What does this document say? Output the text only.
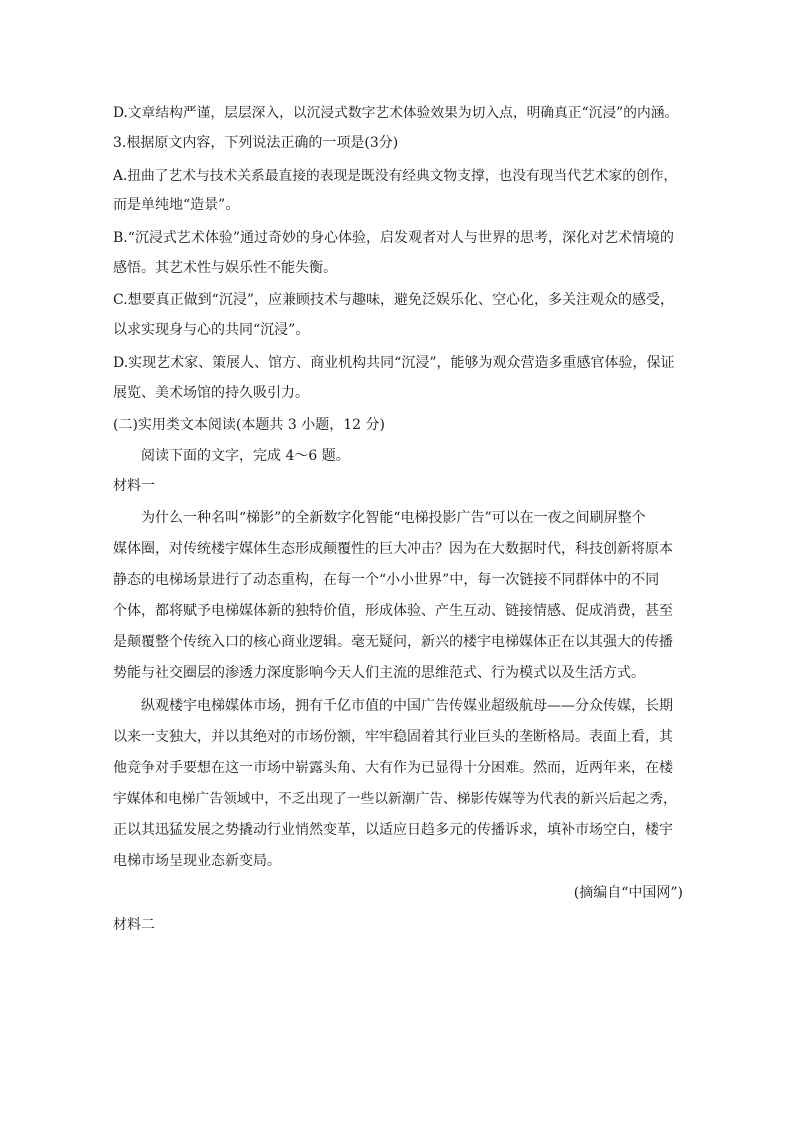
D.文章结构严谨，层层深入，以沉浸式数字艺术体验效果为切入点，明确真正“沉浸”的内涵。
3.根据原文内容，下列说法正确的一项是(3分)
A.扭曲了艺术与技术关系最直接的表现是既没有经典文物支撑，也没有现当代艺术家的创作，
而是单纯地“造景”。
B.“沉浸式艺术体验”通过奇妙的身心体验，启发观者对人与世界的思考，深化对艺术情境的
感悟。其艺术性与娱乐性不能失衡。
C.想要真正做到“沉浸”，应兼顾技术与趣味，避免泛娱乐化、空心化，多关注观众的感受，
以求实现身与心的共同“沉浸”。
D.实现艺术家、策展人、馆方、商业机构共同“沉浸”，能够为观众营造多重感官体验，保证
展览、美术场馆的持久吸引力。
(二)实用类文本阅读(本题共 3 小题，12 分)
阅读下面的文字，完成 4～6 题。
材料一
为什么一种名叫“梯影”的全新数字化智能“电梯投影广告”可以在一夜之间刷屏整个
媒体圈，对传统楼宇媒体生态形成颠覆性的巨大冲击？因为在大数据时代，科技创新将原本
静态的电梯场景进行了动态重构，在每一个“小小世界”中，每一次链接不同群体中的不同
个体，都将赋予电梯媒体新的独特价值，形成体验、产生互动、链接情感、促成消费，甚至
是颠覆整个传统入口的核心商业逻辑。毫无疑问，新兴的楼宇电梯媒体正在以其强大的传播
势能与社交圈层的渗透力深度影响今天人们主流的思维范式、行为模式以及生活方式。
纵观楼宇电梯媒体市场，拥有千亿市值的中国广告传媒业超级航母——分众传媒，长期
以来一支独大，并以其绝对的市场份额，牢牢稳固着其行业巨头的垄断格局。表面上看，其
他竞争对手要想在这一市场中崭露头角、大有作为已显得十分困难。然而，近两年来，在楼
宇媒体和电梯广告领域中，不乏出现了一些以新潮广告、梯影传媒等为代表的新兴后起之秀，
正以其迅猛发展之势撬动行业悄然变革，以适应日趋多元的传播诉求，填补市场空白，楼宇
电梯市场呈现业态新变局。
(摘编自“中国网”)
材料二
